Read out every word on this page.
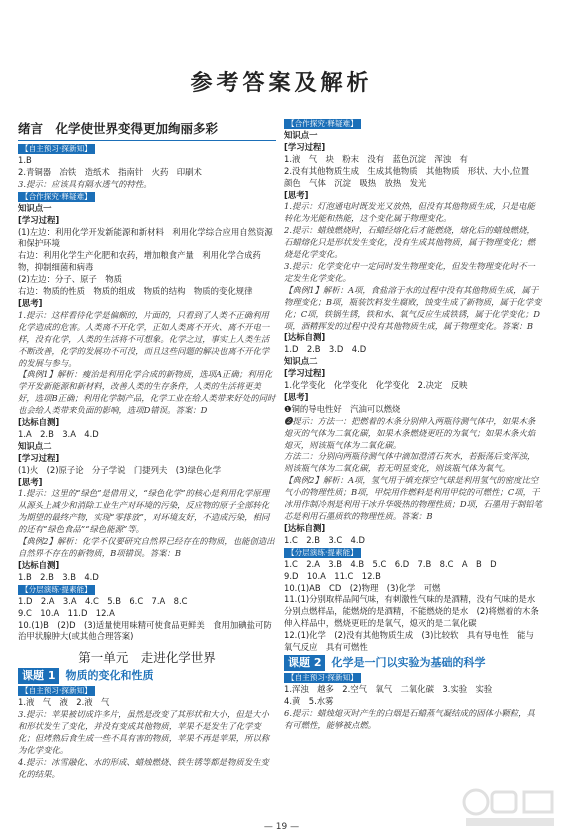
参考答案及解析
绪言　化学使世界变得更加绚丽多彩
【自主预习·探新知】
1.B
2.青铜器　冶铁　造纸术　指南针　火药　印刷术
3.提示：应该具有隔水透气的特性。
【合作探究·释疑难】
知识点一
[学习过程]
(1)左边：利用化学开发新能源和新材料　利用化学综合应用自然资源和保护环境
右边：利用化学生产化肥和农药，增加粮食产量　利用化学合成药物，抑制细菌和病毒
(2)左边：分子、原子　物质
右边：物质的性质　物质的组成　物质的结构　物质的变化规律
[思考]
1.提示：这样看待化学是偏颇的，片面的，只看到了人类不正确利用化学造成的危害。人类离不开化学，正如人类离不开火、离不开电一样，没有化学，人类的生活将不可想象。化学之过，事实上人类生活不断改善，化学的发展功不可没，而且这些问题的解决也离不开化学的发展与参与。
【典例1】解析：瘦治是利用化学合成的新物质，选项A正确；利用化学开发新能源和新材料，改善人类的生存条件，人类的生活将更美好，选项B正确；利用化学制产品，化学工业在给人类带来好处的同时也会给人类带来负面的影响，选项D错误。答案：D
[达标自测]
1.A　2.B　3.A　4.D
知识点二
[学习过程]
(1)火　(2)原子论　分子学说　门捷列夫　(3)绿色化学
[思考]
1.提示：这里的“绿色”是借用义，“绿色化学”的核心是利用化学原理从源头上减少和消除工业生产对环境的污染，反应物的原子全部转化为期望的最终产物，实现“零排放”，对环境友好，不造成污染，相同的还有“绿色食品”“绿色能源”等。
【典例2】解析：化学不仅要研究自然界已经存在的物质，也能创造出自然界不存在的新物质，B项错误。答案：B
[达标自测]
1.B　2.B　3.B　4.D
【分层演练·提素能】
1.D　2.A　3.A　4.C　5.B　6.C　7.A　8.C
9.C　10.A　11.D　12.A
10.(1)B　(2)D　(3)适量使用味精可使食品更鲜美　食用加碘盐可防治甲状腺肿大(或其他合理答案)
第一单元　走进化学世界
课题 1 物质的变化和性质
【自主预习·探新知】
1.液　气　液　2.液　气
3.提示：苹果被切成许多片，虽然是改变了其形状和大小，但是大小和形状发生了变化，并没有变成其他物质，苹果不是发生了化学变化；但烤熟后食生成一些不具有害的物质，苹果不再是苹果，所以称为化学变化。
4.提示：冰雪融化、水的形成、蜡烛燃烧、铁生锈等都是物质发生变化的结果。
【合作探究·释疑难】
知识点一
[学习过程]
1.液　气　块　粉末　没有　蓝色沉淀　浑浊　有
2.没有其他物质生成　生成其他物质　其他物质　形状、大小,位置　颜色　气体　沉淀　吸热　放热　发光
[思考]
1.提示：灯泡通电时既发光又放热，但没有其他物质生成，只是电能转化为光能和热能，这个变化属于物理变化。
2.提示：蜡烛燃烧时，石蜡经熔化后才能燃烧，熔化后的蜡烛燃烧，石蜡熔化只是形状发生变化，没有生成其他物质，属于物理变化；燃烧是化学变化。
3.提示：化学变化中一定同时发生物理变化，但发生物理变化时不一定发生化学变化。
【典例1】解析：A项，食盐溶于水的过程中没有其他物质生成，属于物理变化；B项，瓶装饮料发生腐败，蚀变生成了新物质，属于化学变化；C项，铁锅生锈，铁和水、氧气反应生成铁锈，属于化学变化；D项，酒精挥发的过程中没有其他物质生成，属于物理变化。答案：B
[达标自测]
1.D　2.B　3.D　4.D
知识点二
[学习过程]
1.化学变化　化学变化　化学变化　2.决定　反映
[思考]
❶铜的导电性好　汽油可以燃烧
❷提示：方法一：把燃着的木条分别伸入两瓶待测气体中，如果木条熄灭的气体为二氧化碳，如果木条燃烧更旺的为氧气；如果木条火焰熄灭，则该瓶气体为二氧化碳。
方法二：分别向两瓶待测气体中滴加澄清石灰水，若振荡后变浑浊，则该瓶气体为二氧化碳，若无明显变化，则该瓶气体为氧气。
【典例2】解析：A项，氢气用于填充探空气球是利用氢气的密度比空气小的物理性质；B项，甲烷用作燃料是利用甲烷的可燃性；C项，干冰用作制冷剂是利用干冰升华吸热的物理性质；D项，石墨用于制铅笔芯是利用石墨质软的物理性质。答案：B
[达标自测]
1.C　2.B　3.C　4.D
【分层演练·提素能】
1.C　2.A　3.B　4.B　5.C　6.D　7.B　8.C　A　B　D
9.D　10.A　11.C　12.B
10.(1)AB　CD　(2)物理　(3)化学　可燃
11.(1)分别取样品闻气味，有刺激性气味的是酒精，没有气味的是水　分别点燃样品，能燃烧的是酒精，不能燃烧的是水　(2)将燃着的木条伸入样品中，燃烧更旺的是氧气，熄灭的是二氧化碳
12.(1)化学　(2)没有其他物质生成　(3)比较软　具有导电性　能与氧气反应　具有可燃性
课题 2 化学是一门以实验为基础的科学
【自主预习·探新知】
1.浑浊　越多　2.空气　氧气　二氧化碳　3.实验　实验
4.黄　5.水雾
6.提示：蜡烛熄灭时产生的白烟是石蜡蒸气凝结成的固体小颗粒，具有可燃性，能够被点燃。
— 19 —
